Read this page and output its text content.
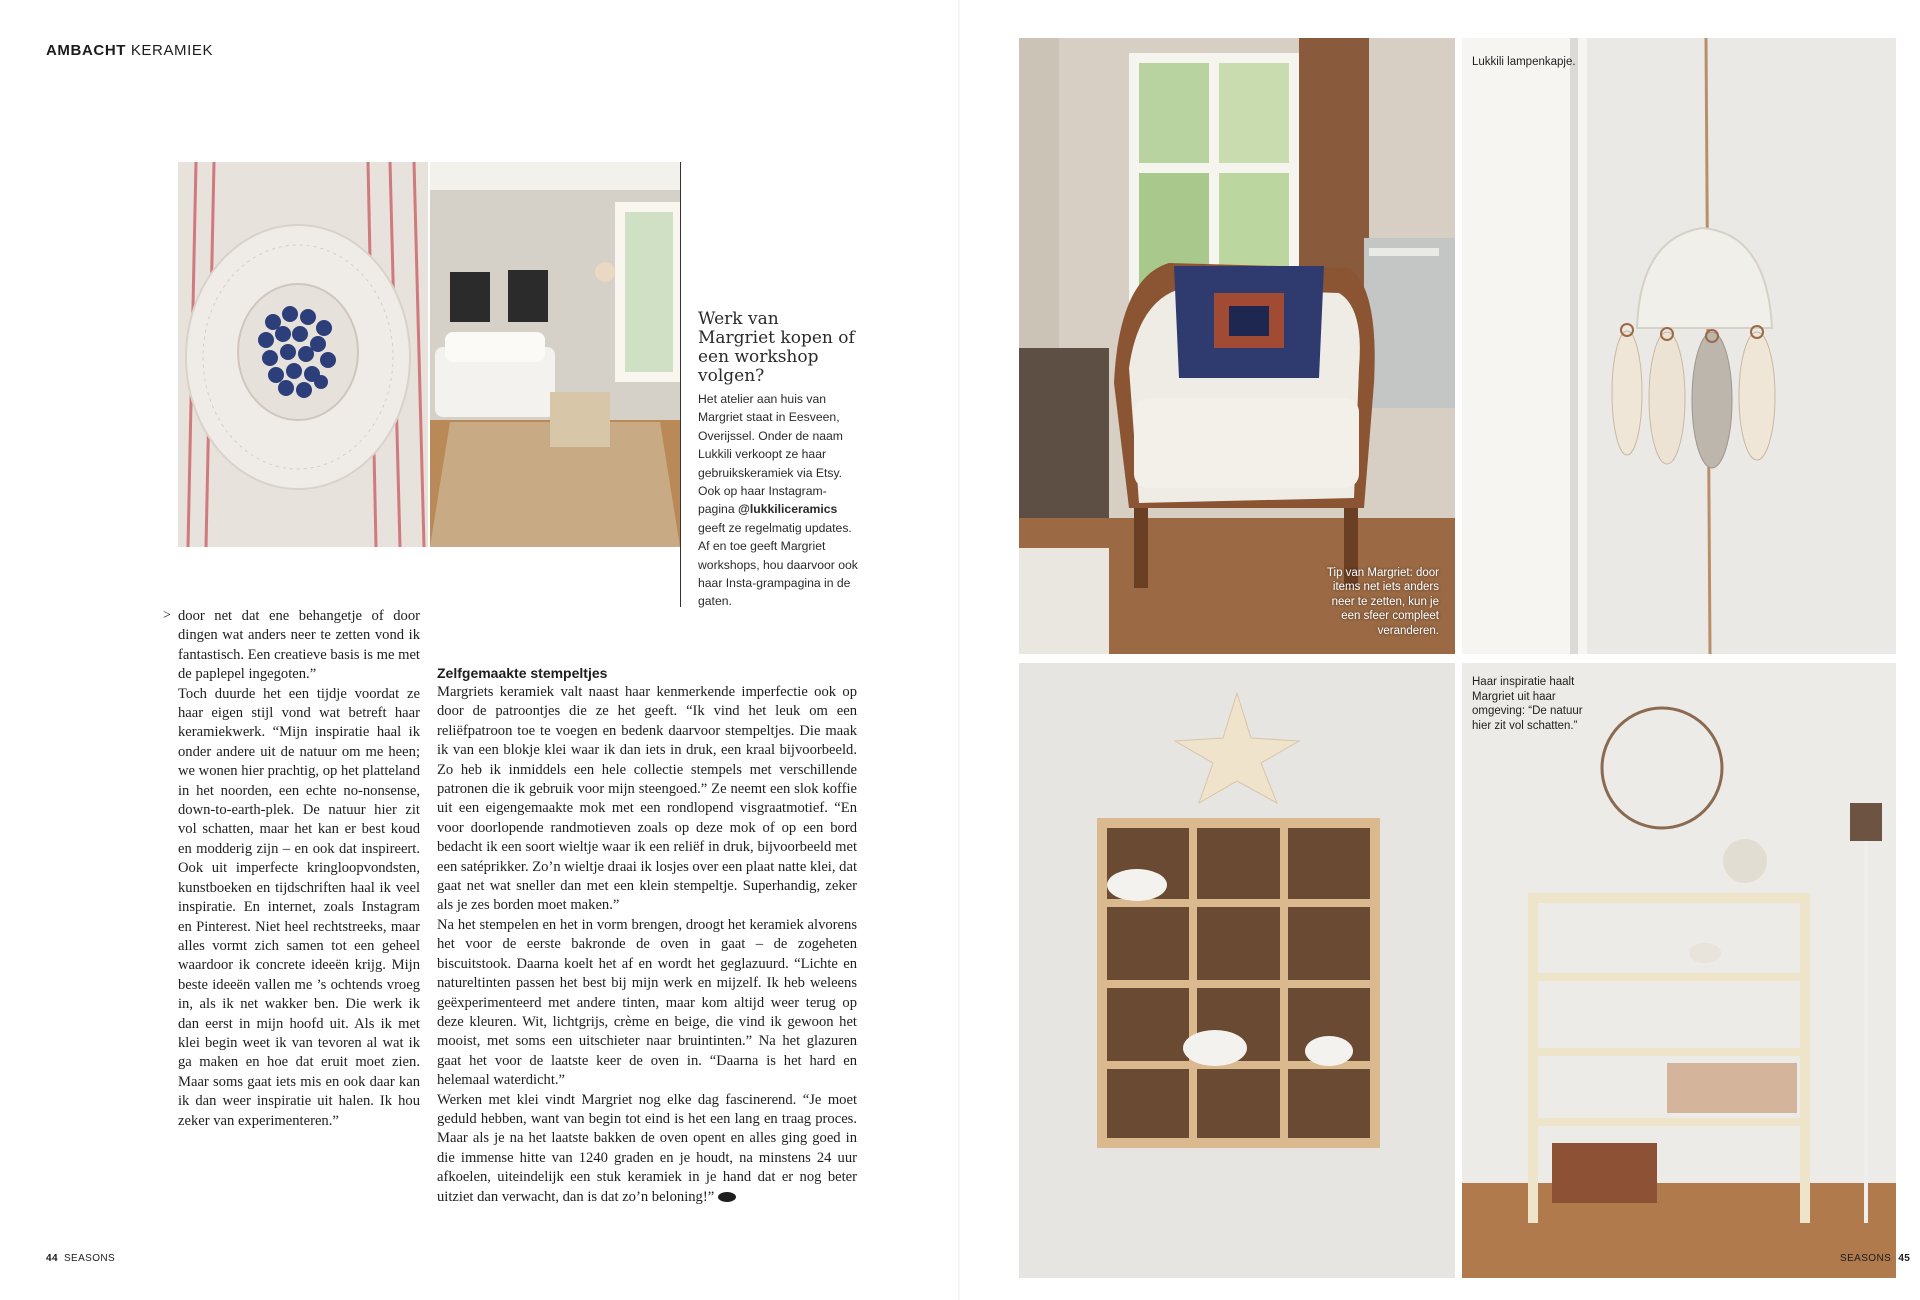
AMBACHT KERAMIEK
Werk van Margriet kopen of een workshop volgen?

Het atelier aan huis van Margriet staat in Eesveen, Overijssel. Onder de naam Lukkili verkoopt ze haar gebruikskeramiek via Etsy. Ook op haar Instagram-pagina @lukkiliceramics geeft ze regelmatig updates. Af en toe geeft Margriet workshops, hou daarvoor ook haar Insta-grampagina in de gaten.

> door net dat ene behangetje of door dingen wat anders neer te zetten vond ik fantastisch. Een creatieve basis is me met de paplepel ingegoten.”

Toch duurde het een tijdje voordat ze haar eigen stijl vond wat betreft haar keramiekwerk. “Mijn inspiratie haal ik onder andere uit de natuur om me heen; we wonen hier prachtig, op het platteland in het noorden, een echte no-nonsense, down-to-earth-plek. De natuur hier zit vol schatten, maar het kan er best koud en modderig zijn – en ook dat inspireert. Ook uit imperfecte kringloopvondsten, kunstboeken en tijdschriften haal ik veel inspiratie. En internet, zoals Instagram en Pinterest. Niet heel rechtstreeks, maar alles vormt zich samen tot een geheel waardoor ik concrete ideeën krijg. Mijn beste ideeën vallen me ’s ochtends vroeg in, als ik net wakker ben. Die werk ik dan eerst in mijn hoofd uit. Als ik met klei begin weet ik van tevoren al wat ik ga maken en hoe dat eruit moet zien. Maar soms gaat iets mis en ook daar kan ik dan weer inspiratie uit halen. Ik hou zeker van experimenteren.”

Zelfgemaakte stempeltjes

Margriets keramiek valt naast haar kenmerkende imperfectie ook op door de patroontjes die ze het geeft. “Ik vind het leuk om een reliëfpatroon toe te voegen en bedenk daarvoor stempeltjes. Die maak ik van een blokje klei waar ik dan iets in druk, een kraal bijvoorbeeld. Zo heb ik inmiddels een hele collectie stempels met verschillende patronen die ik gebruik voor mijn steengoed.” Ze neemt een slok koffie uit een eigengemaakte mok met een rondlopend visgraatmotief. “En voor doorlopende randmotieven zoals op deze mok of op een bord bedacht ik een soort wieltje waar ik een reliëf in druk, bijvoorbeeld met een satéprikker. Zo’n wieltje draai ik losjes over een plaat natte klei, dat gaat net wat sneller dan met een klein stempeltje. Superhandig, zeker als je zes borden moet maken.”

Na het stempelen en het in vorm brengen, droogt het keramiek alvorens het voor de eerste bakronde de oven in gaat – de zogeheten biscuitstook. Daarna koelt het af en wordt het geglazuurd. “Lichte en natureltinten passen het best bij mijn werk en mijzelf. Ik heb weleens geëxperimenteerd met andere tinten, maar kom altijd weer terug op deze kleuren. Wit, lichtgrijs, crème en beige, die vind ik gewoon het mooist, met soms een uitschieter naar bruintinten.” Na het glazuren gaat het voor de laatste keer de oven in. “Daarna is het hard en helemaal waterdicht.”

Werken met klei vindt Margriet nog elke dag fascinerend. “Je moet geduld hebben, want van begin tot eind is het een lang en traag proces. Maar als je na het laatste bakken de oven opent en alles ging goed in die immense hitte van 1240 graden en je houdt, na minstens 24 uur afkoelen, uiteindelijk een stuk keramiek in je hand dat er nog beter uitziet dan verwacht, dan is dat zo’n beloning!”

44 SEASONS
Tip van Margriet: door items net iets anders neer te zetten, kun je een sfeer compleet veranderen.
Lukkili lampenkapje.
Haar inspiratie haalt Margriet uit haar omgeving: “De natuur hier zit vol schatten.”
SEASONS 45
